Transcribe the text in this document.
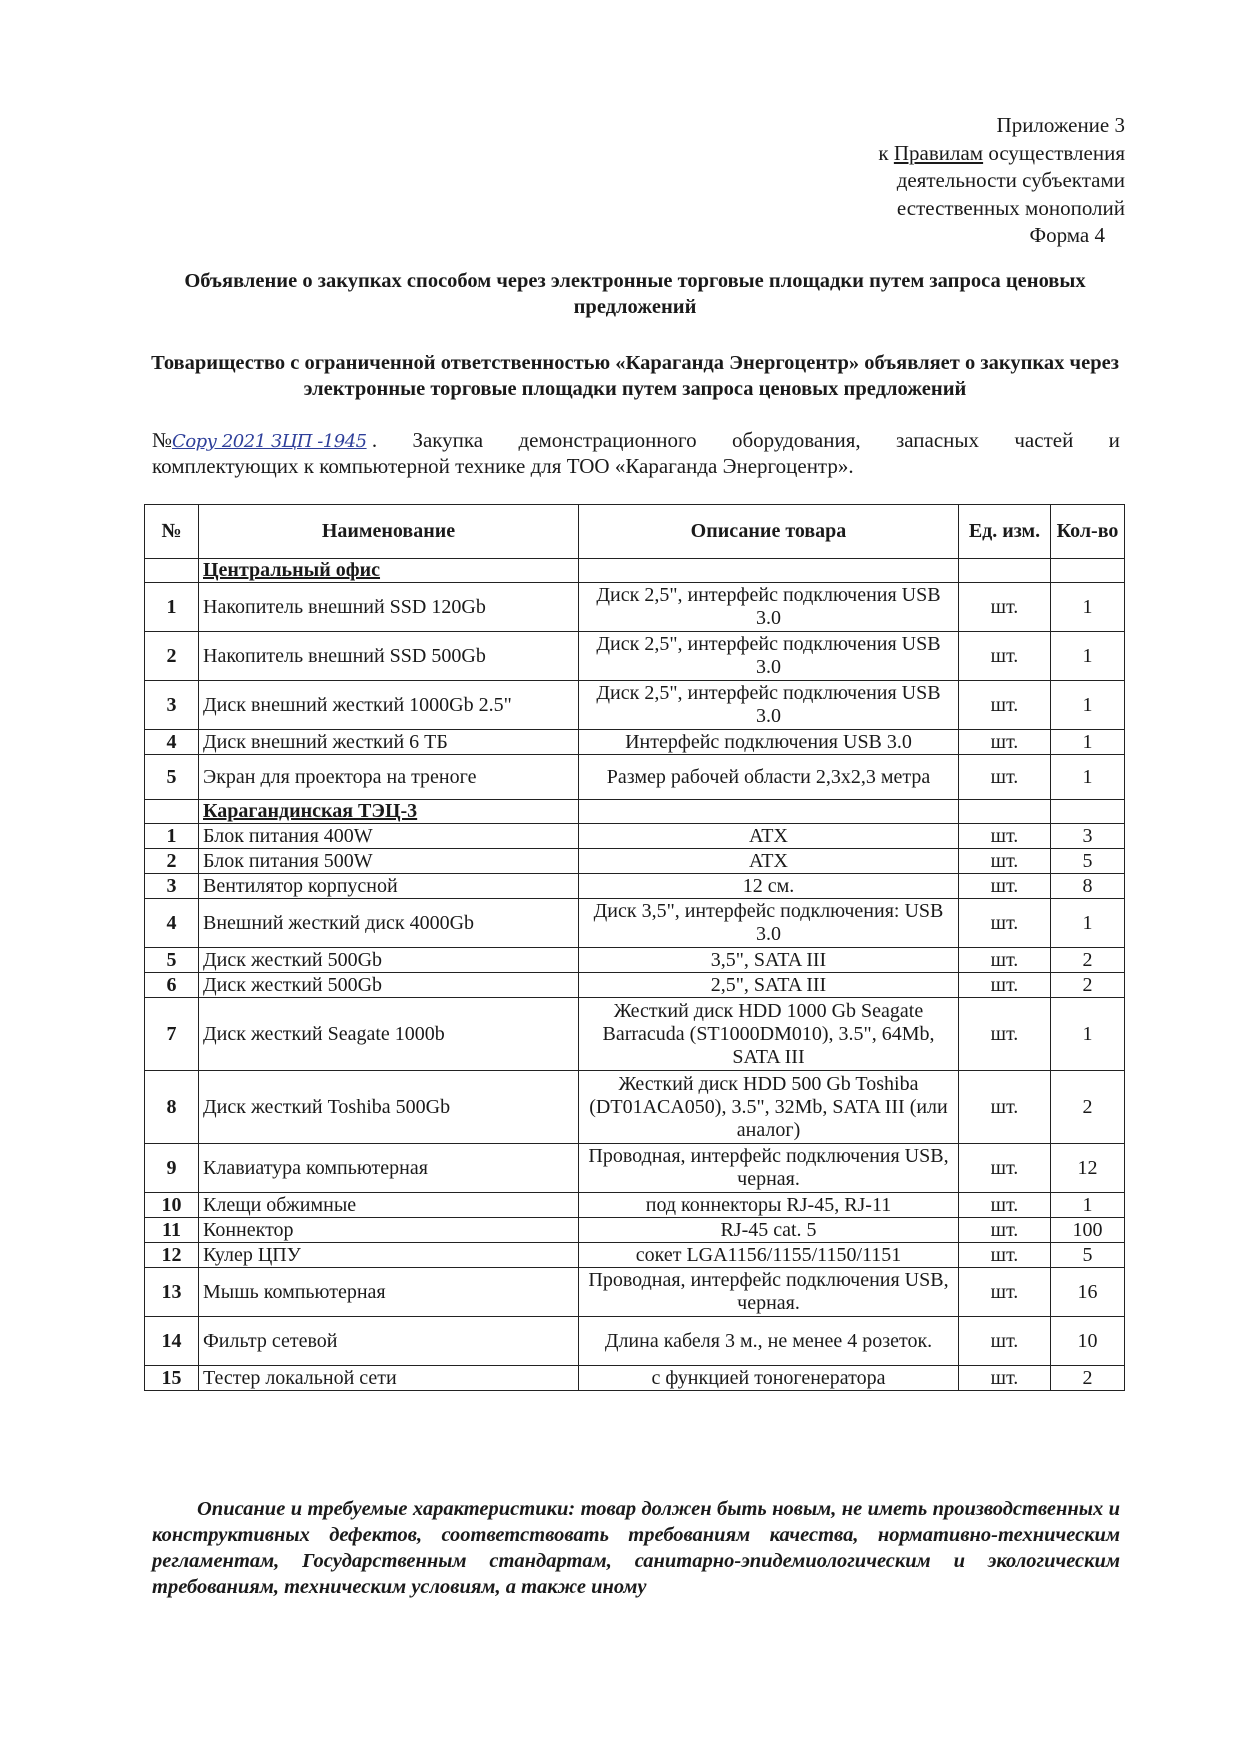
Приложение 3
к Правилам осуществления
деятельности субъектами
естественных монополий
Форма 4
Объявление о закупках способом через электронные торговые площадки путем запроса ценовых предложений
Товарищество с ограниченной ответственностью «Караганда Энергоцентр» объявляет о закупках через электронные торговые площадки путем запроса ценовых предложений
№Сору 2021 ЗЦП -1945 . Закупка демонстрационного оборудования, запасных частей и
комплектующих к компьютерной технике для ТОО «Караганда Энергоцентр».
№	Наименование	Описание товара	Ед. изм.	Кол-во
	Центральный офис			
1	Накопитель внешний SSD 120Gb	Диск 2,5", интерфейс подключения USB 3.0	шт.	1
2	Накопитель внешний SSD 500Gb	Диск 2,5", интерфейс подключения USB 3.0	шт.	1
3	Диск внешний жесткий 1000Gb 2.5"	Диск 2,5", интерфейс подключения USB 3.0	шт.	1
4	Диск внешний жесткий 6 ТБ	Интерфейс подключения USB 3.0	шт.	1
5	Экран для проектора на треноге	Размер рабочей области 2,3х2,3 метра	шт.	1
	Карагандинская ТЭЦ-3			
1	Блок питания 400W	ATX	шт.	3
2	Блок питания 500W	ATX	шт.	5
3	Вентилятор корпусной	12 см.	шт.	8
4	Внешний жесткий диск 4000Gb	Диск 3,5", интерфейс подключения: USB 3.0	шт.	1
5	Диск жесткий 500Gb	3,5", SATA III	шт.	2
6	Диск жесткий 500Gb	2,5", SATA III	шт.	2
7	Диск жесткий Seagate 1000b	Жесткий диск HDD 1000 Gb Seagate Barracuda (ST1000DM010), 3.5", 64Mb, SATA III	шт.	1
8	Диск жесткий Toshiba 500Gb	Жесткий диск HDD 500 Gb Toshiba (DT01ACA050), 3.5", 32Mb, SATA III (или аналог)	шт.	2
9	Клавиатура компьютерная	Проводная, интерфейс подключения USB, черная.	шт.	12
10	Клещи обжимные	под коннекторы RJ-45, RJ-11	шт.	1
11	Коннектор	RJ-45 cat. 5	шт.	100
12	Кулер ЦПУ	сокет LGA1156/1155/1150/1151	шт.	5
13	Мышь компьютерная	Проводная, интерфейс подключения USB, черная.	шт.	16
14	Фильтр сетевой	Длина кабеля 3 м., не менее 4 розеток.	шт.	10
15	Тестер локальной сети	с функцией тоногенератора	шт.	2
Описание и требуемые характеристики: товар должен быть новым, не иметь производственных и конструктивных дефектов, соответствовать требованиям качества, нормативно-техническим регламентам, Государственным стандартам, санитарно-эпидемиологическим и экологическим требованиям, техническим условиям, а также иному
